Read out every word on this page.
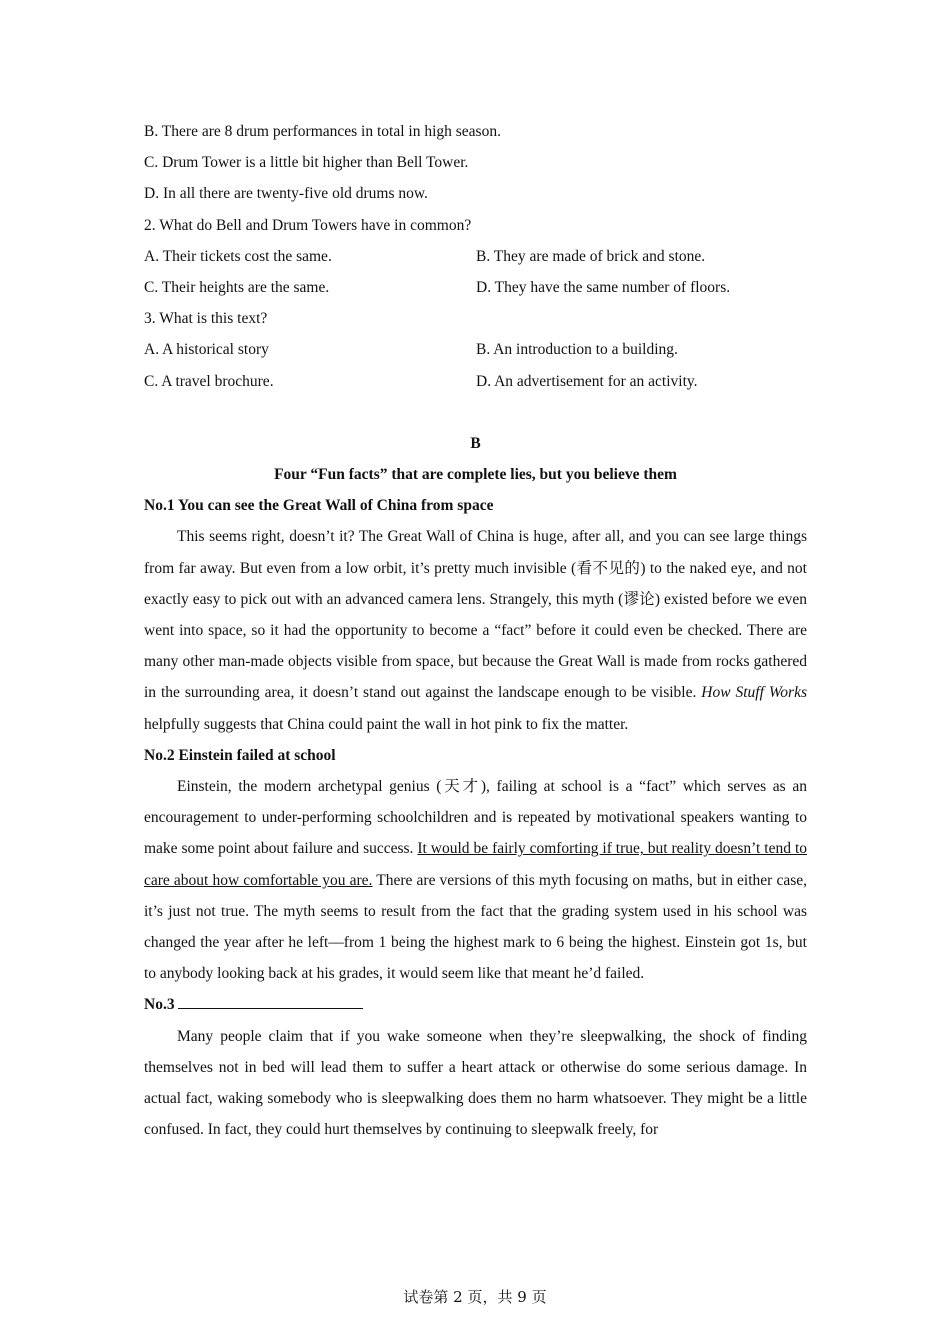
B. There are 8 drum performances in total in high season.
C. Drum Tower is a little bit higher than Bell Tower.
D. In all there are twenty-five old drums now.
2. What do Bell and Drum Towers have in common?
A. Their tickets cost the same.	B. They are made of brick and stone.
C. Their heights are the same.	D. They have the same number of floors.
3. What is this text?
A. A historical story	B. An introduction to a building.
C. A travel brochure.	D. An advertisement for an activity.
B
Four “Fun facts” that are complete lies, but you believe them
No.1 You can see the Great Wall of China from space
This seems right, doesn’t it? The Great Wall of China is huge, after all, and you can see large things from far away. But even from a low orbit, it’s pretty much invisible (看不见的) to the naked eye, and not exactly easy to pick out with an advanced camera lens. Strangely, this myth (谬论) existed before we even went into space, so it had the opportunity to become a “fact” before it could even be checked. There are many other man-made objects visible from space, but because the Great Wall is made from rocks gathered in the surrounding area, it doesn’t stand out against the landscape enough to be visible. How Stuff Works helpfully suggests that China could paint the wall in hot pink to fix the matter.
No.2 Einstein failed at school
Einstein, the modern archetypal genius (天才), failing at school is a “fact” which serves as an encouragement to under-performing schoolchildren and is repeated by motivational speakers wanting to make some point about failure and success. It would be fairly comforting if true, but reality doesn’t tend to care about how comfortable you are. There are versions of this myth focusing on maths, but in either case, it’s just not true. The myth seems to result from the fact that the grading system used in his school was changed the year after he left—from 1 being the highest mark to 6 being the highest. Einstein got 1s, but to anybody looking back at his grades, it would seem like that meant he’d failed.
No.3
Many people claim that if you wake someone when they’re sleepwalking, the shock of finding themselves not in bed will lead them to suffer a heart attack or otherwise do some serious damage. In actual fact, waking somebody who is sleepwalking does them no harm whatsoever. They might be a little confused. In fact, they could hurt themselves by continuing to sleepwalk freely, for
试卷第 2 页，共 9 页
